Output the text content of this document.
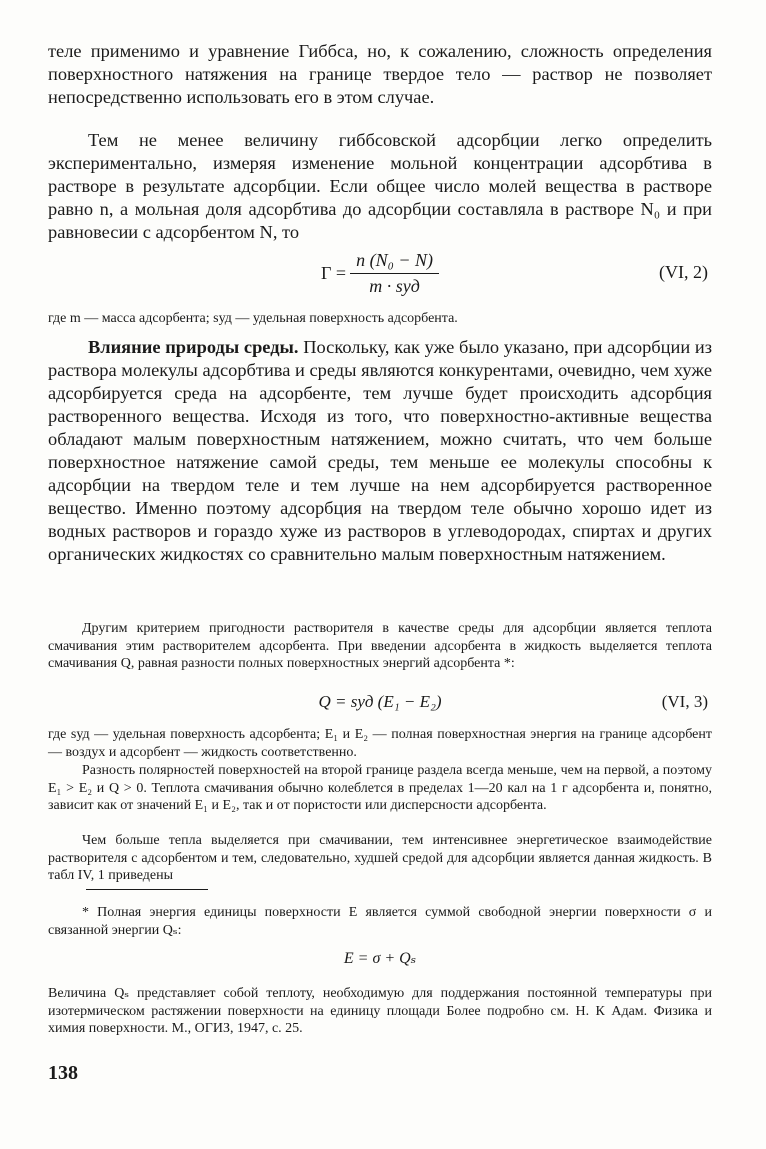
теле применимо и уравнение Гиббса, но, к сожалению, сложность определения поверхностного натяжения на границе твердое тело — раствор не позволяет непосредственно использовать его в этом случае.

Тем не менее величину гиббсовской адсорбции легко определить экспериментально, измеряя изменение мольной концентрации адсорбтива в растворе в результате адсорбции. Если общее число молей вещества в растворе равно n, а мольная доля адсорбтива до адсорбции составляла в растворе N₀ и при равновесии с адсорбентом N, то

$Г = \frac{\text{n (N₀ − N)}}{\text{m · sуд}}$	(VI, 2)

где m — масса адсорбента; sуд — удельная поверхность адсорбента.

Влияние природы среды. Поскольку, как уже было указано, при адсорбции из раствора молекулы адсорбтива и среды являются конкурентами, очевидно, чем хуже адсорбируется среда на адсорбенте, тем лучше будет происходить адсорбция растворенного вещества. Исходя из того, что поверхностно-активные вещества обладают малым поверхностным натяжением, можно считать, что чем больше поверхностное натяжение самой среды, тем меньше ее молекулы способны к адсорбции на твердом теле и тем лучше на нем адсорбируется растворенное вещество. Именно поэтому адсорбция на твердом теле обычно хорошо идет из водных растворов и гораздо хуже из растворов в углеводородах, спиртах и других органических жидкостях со сравнительно малым поверхностным натяжением.

Другим критерием пригодности растворителя в качестве среды для адсорбции является теплота смачивания этим растворителем адсорбента. При введении адсорбента в жидкость выделяется теплота смачивания Q, равная разности полных поверхностных энергий адсорбента *:

Q = sуд (E₁ − E₂)	(VI, 3)

где sуд — удельная поверхность адсорбента; E₁ и E₂ — полная поверхностная энергия на границе адсорбент — воздух и адсорбент — жидкость соответственно.

Разность полярностей поверхностей на второй границе раздела всегда меньше, чем на первой, а поэтому E₁ > E₂ и Q > 0. Теплота смачивания обычно колеблется в пределах 1—20 кал на 1 г адсорбента и, понятно, зависит как от значений E₁ и E₂, так и от пористости или дисперсности адсорбента.

Чем больше тепла выделяется при смачивании, тем интенсивнее энергетическое взаимодействие растворителя с адсорбентом и тем, следовательно, худшей средой для адсорбции является данная жидкость. В табл IV, 1 приведены

* Полная энергия единицы поверхности E является суммой свободной энергии поверхности σ и связанной энергии Qₛ:

E = σ + Qₛ

Величина Qₛ представляет собой теплоту, необходимую для поддержания постоянной температуры при изотермическом растяжении поверхности на единицу площади Более подробно см. Н. К Адам. Физика и химия поверхности. М., ОГИЗ, 1947, с. 25.

138
